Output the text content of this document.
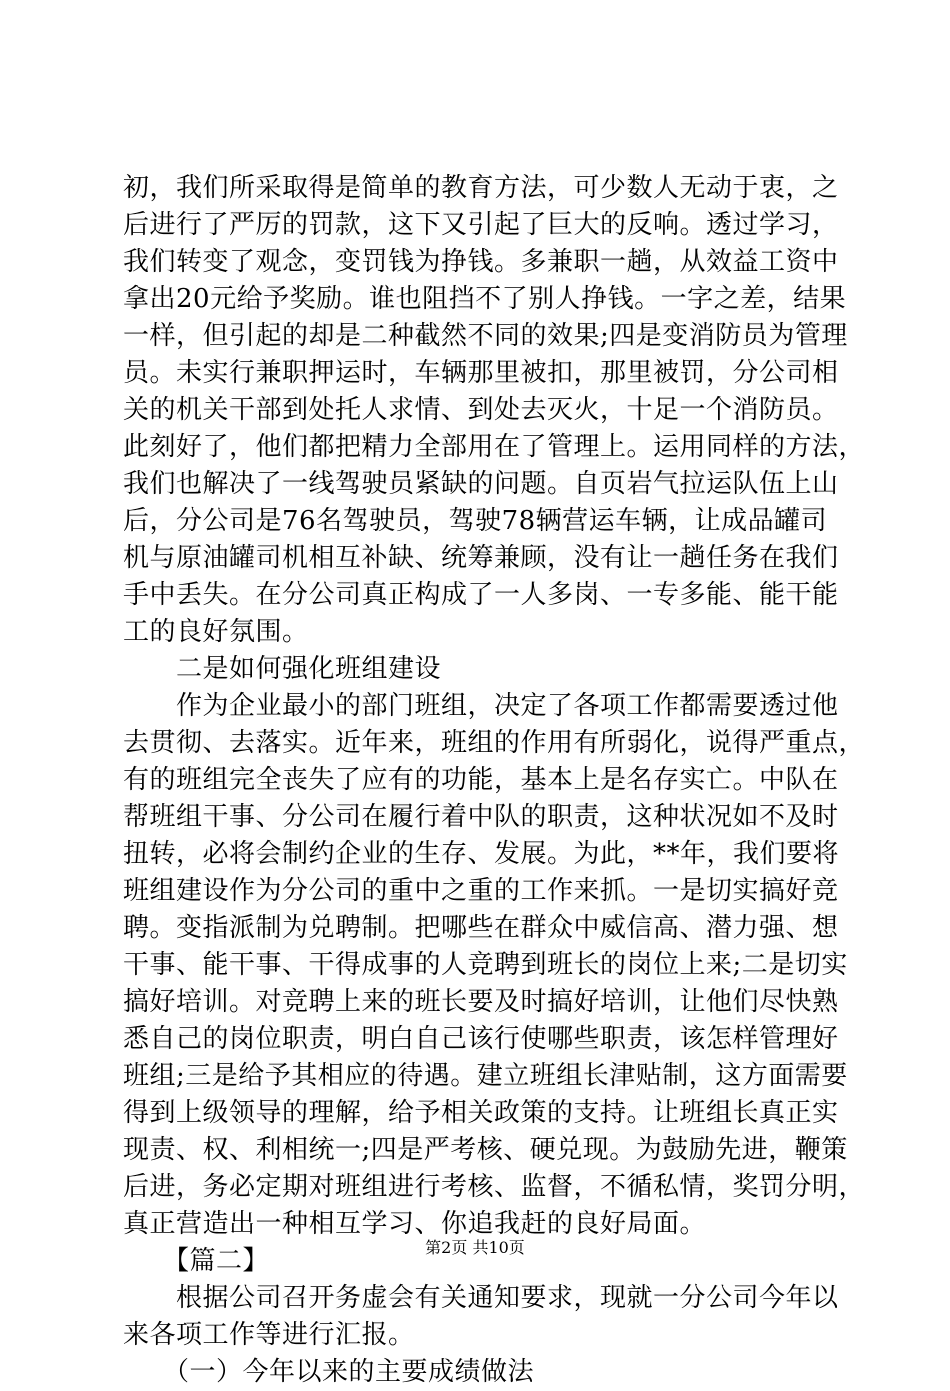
初，我们所采取得是简单的教育方法，可少数人无动于衷，之
后进行了严厉的罚款，这下又引起了巨大的反响。透过学习，
我们转变了观念，变罚钱为挣钱。多兼职一趟，从效益工资中
拿出20元给予奖励。谁也阻挡不了别人挣钱。一字之差，结果
一样，但引起的却是二种截然不同的效果;四是变消防员为管理
员。未实行兼职押运时，车辆那里被扣，那里被罚，分公司相
关的机关干部到处托人求情、到处去灭火，十足一个消防员。
此刻好了，他们都把精力全部用在了管理上。运用同样的方法，
我们也解决了一线驾驶员紧缺的问题。自页岩气拉运队伍上山
后，分公司是76名驾驶员，驾驶78辆营运车辆，让成品罐司
机与原油罐司机相互补缺、统筹兼顾，没有让一趟任务在我们
手中丢失。在分公司真正构成了一人多岗、一专多能、能干能
工的良好氛围。
　　二是如何强化班组建设
　　作为企业最小的部门班组，决定了各项工作都需要透过他
去贯彻、去落实。近年来，班组的作用有所弱化，说得严重点，
有的班组完全丧失了应有的功能，基本上是名存实亡。中队在
帮班组干事、分公司在履行着中队的职责，这种状况如不及时
扭转，必将会制约企业的生存、发展。为此，**年，我们要将
班组建设作为分公司的重中之重的工作来抓。一是切实搞好竞
聘。变指派制为兑聘制。把哪些在群众中威信高、潜力强、想
干事、能干事、干得成事的人竞聘到班长的岗位上来;二是切实
搞好培训。对竞聘上来的班长要及时搞好培训，让他们尽快熟
悉自己的岗位职责，明白自己该行使哪些职责，该怎样管理好
班组;三是给予其相应的待遇。建立班组长津贴制，这方面需要
得到上级领导的理解，给予相关政策的支持。让班组长真正实
现责、权、利相统一;四是严考核、硬兑现。为鼓励先进，鞭策
后进，务必定期对班组进行考核、监督，不循私情，奖罚分明，
真正营造出一种相互学习、你追我赶的良好局面。
　　【篇二】
　　根据公司召开务虚会有关通知要求，现就一分公司今年以
来各项工作等进行汇报。
　　（一）今年以来的主要成绩做法
第2页 共10页
